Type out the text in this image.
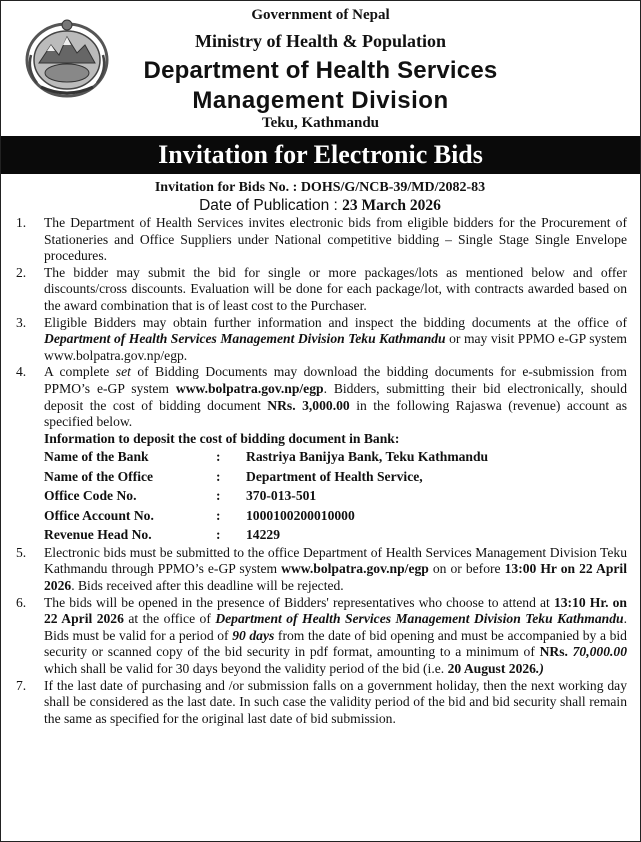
Government of Nepal
Ministry of Health & Population
Department of Health Services
Management Division
Teku, Kathmandu
Invitation for Electronic Bids
Invitation for Bids No. : DOHS/G/NCB-39/MD/2082-83
Date of Publication : 23 March 2026
1. The Department of Health Services invites electronic bids from eligible bidders for the Procurement of Stationeries and Office Suppliers under National competitive bidding – Single Stage Single Envelope procedures.
2. The bidder may submit the bid for single or more packages/lots as mentioned below and offer discounts/cross discounts. Evaluation will be done for each package/lot, with contracts awarded based on the award combination that is of least cost to the Purchaser.
3. Eligible Bidders may obtain further information and inspect the bidding documents at the office of Department of Health Services Management Division Teku Kathmandu or may visit PPMO e-GP system www.bolpatra.gov.np/egp.
4. A complete set of Bidding Documents may download the bidding documents for e-submission from PPMO’s e-GP system www.bolpatra.gov.np/egp. Bidders, submitting their bid electronically, should deposit the cost of bidding document NRs. 3,000.00 in the following Rajaswa (revenue) account as specified below.
Information to deposit the cost of bidding document in Bank:
Name of the Bank	:	Rastriya Banijya Bank, Teku Kathmandu
Name of the Office	:	Department of Health Service,
Office Code No.	:	370-013-501
Office Account No.	:	1000100200010000
Revenue Head No.	:	14229
5. Electronic bids must be submitted to the office Department of Health Services Management Division Teku Kathmandu through PPMO’s e-GP system www.bolpatra.gov.np/egp on or before 13:00 Hr on 22 April 2026. Bids received after this deadline will be rejected.
6. The bids will be opened in the presence of Bidders' representatives who choose to attend at 13:10 Hr. on 22 April 2026 at the office of Department of Health Services Management Division Teku Kathmandu. Bids must be valid for a period of 90 days from the date of bid opening and must be accompanied by a bid security or scanned copy of the bid security in pdf format, amounting to a minimum of NRs. 70,000.00 which shall be valid for 30 days beyond the validity period of the bid (i.e. 20 August 2026.)
7. If the last date of purchasing and /or submission falls on a government holiday, then the next working day shall be considered as the last date. In such case the validity period of the bid and bid security shall remain the same as specified for the original last date of bid submission.
